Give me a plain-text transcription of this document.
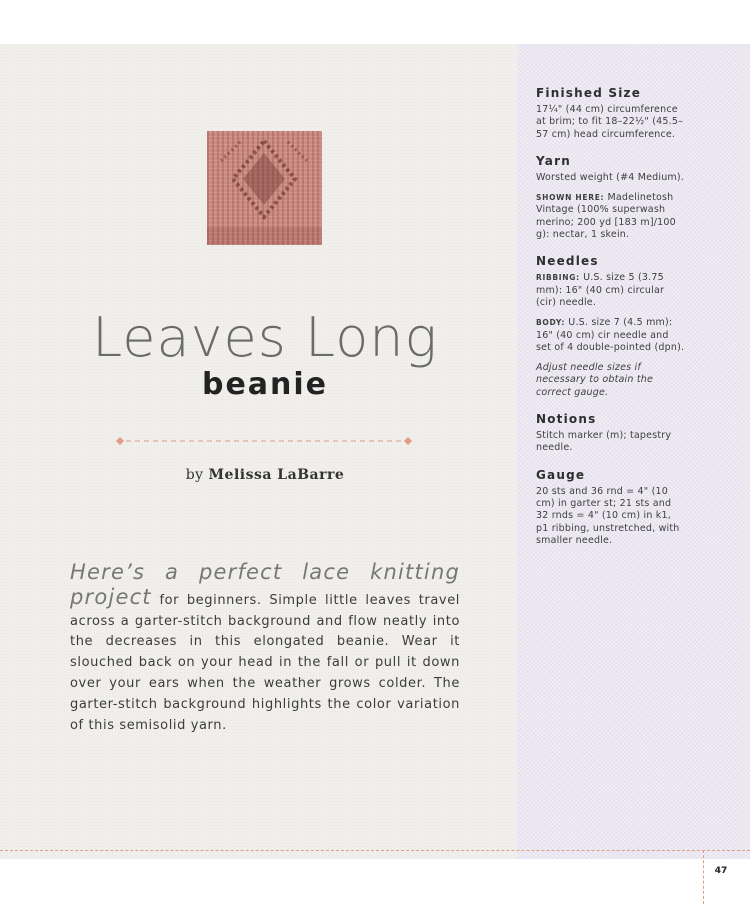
Leaves Long
beanie
by Melissa LaBarre
Here’s a perfect lace knitting project for beginners. Simple little leaves travel across a garter-stitch background and flow neatly into the decreases in this elongated beanie. Wear it slouched back on your head in the fall or pull it down over your ears when the weather grows colder. The garter-stitch background highlights the color variation of this semisolid yarn.

Finished Size

17¼" (44 cm) circumference at brim; to fit 18–22½" (45.5–57 cm) head circumference.

Yarn

Worsted weight (#4 Medium).

SHOWN HERE: Madelinetosh Vintage (100% superwash merino; 200 yd [183 m]/100 g): nectar, 1 skein.

Needles

RIBBING: U.S. size 5 (3.75 mm): 16" (40 cm) circular (cir) needle.

BODY: U.S. size 7 (4.5 mm): 16" (40 cm) cir needle and set of 4 double-pointed (dpn).

Adjust needle sizes if necessary to obtain the correct gauge.

Notions

Stitch marker (m); tapestry needle.

Gauge

20 sts and 36 rnd = 4" (10 cm) in garter st; 21 sts and 32 rnds = 4" (10 cm) in k1, p1 ribbing, unstretched, with smaller needle.

47
